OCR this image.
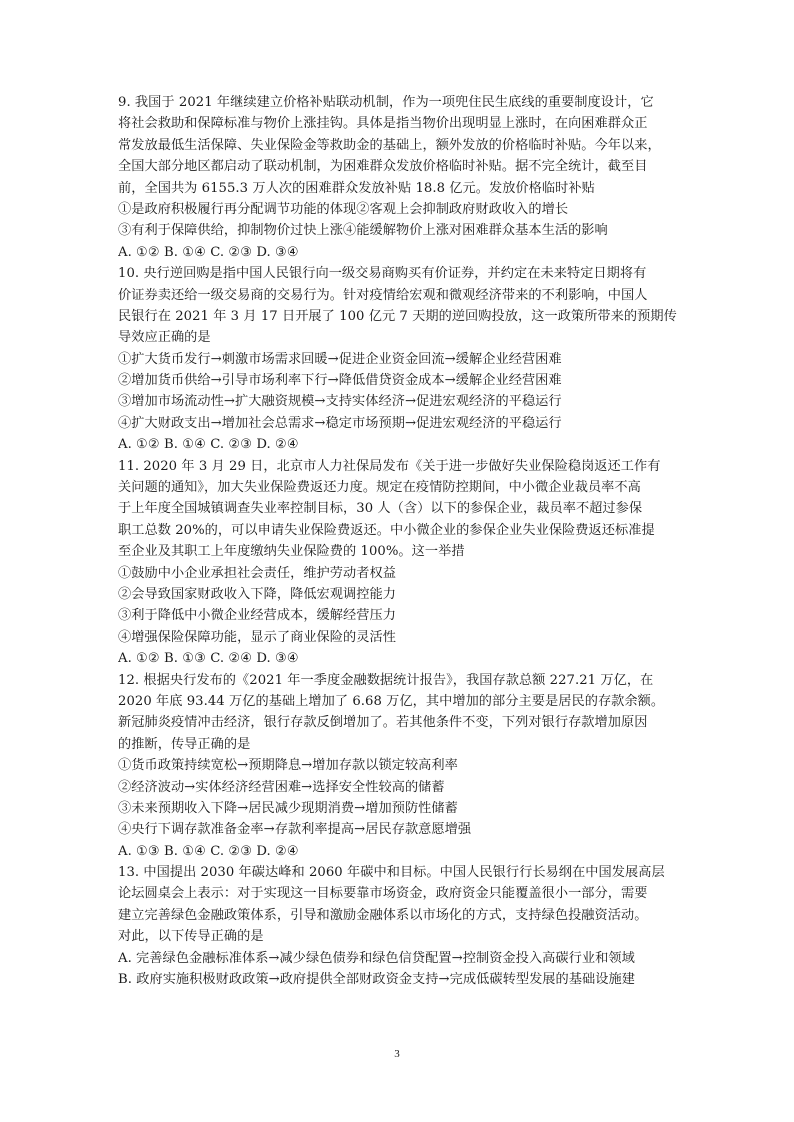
9. 我国于 2021 年继续建立价格补贴联动机制，作为一项兜住民生底线的重要制度设计，它
将社会救助和保障标准与物价上涨挂钩。具体是指当物价出现明显上涨时，在向困难群众正
常发放最低生活保障、失业保险金等救助金的基础上，额外发放的价格临时补贴。今年以来，
全国大部分地区都启动了联动机制，为困难群众发放价格临时补贴。据不完全统计，截至目
前，全国共为 6155.3 万人次的困难群众发放补贴 18.8 亿元。发放价格临时补贴
①是政府积极履行再分配调节功能的体现②客观上会抑制政府财政收入的增长
③有利于保障供给，抑制物价过快上涨④能缓解物价上涨对困难群众基本生活的影响
A. ①② B. ①④ C. ②③ D. ③④
10. 央行逆回购是指中国人民银行向一级交易商购买有价证券，并约定在未来特定日期将有
价证券卖还给一级交易商的交易行为。针对疫情给宏观和微观经济带来的不利影响，中国人
民银行在 2021 年 3 月 17 日开展了 100 亿元 7 天期的逆回购投放，这一政策所带来的预期传
导效应正确的是
①扩大货币发行→刺激市场需求回暖→促进企业资金回流→缓解企业经营困难
②增加货币供给→引导市场利率下行→降低借贷资金成本→缓解企业经营困难
③增加市场流动性→扩大融资规模→支持实体经济→促进宏观经济的平稳运行
④扩大财政支出→增加社会总需求→稳定市场预期→促进宏观经济的平稳运行
A. ①② B. ①④ C. ②③ D. ②④
11. 2020 年 3 月 29 日，北京市人力社保局发布《关于进一步做好失业保险稳岗返还工作有
关问题的通知》，加大失业保险费返还力度。规定在疫情防控期间，中小微企业裁员率不高
于上年度全国城镇调查失业率控制目标，30 人（含）以下的参保企业，裁员率不超过参保
职工总数 20%的，可以申请失业保险费返还。中小微企业的参保企业失业保险费返还标准提
至企业及其职工上年度缴纳失业保险费的 100%。这一举措
①鼓励中小企业承担社会责任，维护劳动者权益
②会导致国家财政收入下降，降低宏观调控能力
③利于降低中小微企业经营成本，缓解经营压力
④增强保险保障功能，显示了商业保险的灵活性
A. ①② B. ①③ C. ②④ D. ③④
12. 根据央行发布的《2021 年一季度金融数据统计报告》，我国存款总额 227.21 万亿，在
2020 年底 93.44 万亿的基础上增加了 6.68 万亿，其中增加的部分主要是居民的存款余额。
新冠肺炎疫情冲击经济，银行存款反倒增加了。若其他条件不变，下列对银行存款增加原因
的推断，传导正确的是
①货币政策持续宽松→预期降息→增加存款以锁定较高利率
②经济波动→实体经济经营困难→选择安全性较高的储蓄
③未来预期收入下降→居民减少现期消费→增加预防性储蓄
④央行下调存款准备金率→存款利率提高→居民存款意愿增强
A. ①③ B. ①④ C. ②③ D. ②④
13. 中国提出 2030 年碳达峰和 2060 年碳中和目标。中国人民银行行长易纲在中国发展高层
论坛圆桌会上表示：对于实现这一目标要靠市场资金，政府资金只能覆盖很小一部分，需要
建立完善绿色金融政策体系，引导和激励金融体系以市场化的方式，支持绿色投融资活动。
对此，以下传导正确的是
A. 完善绿色金融标准体系→减少绿色债券和绿色信贷配置→控制资金投入高碳行业和领域
B. 政府实施积极财政政策→政府提供全部财政资金支持→完成低碳转型发展的基础设施建
3
